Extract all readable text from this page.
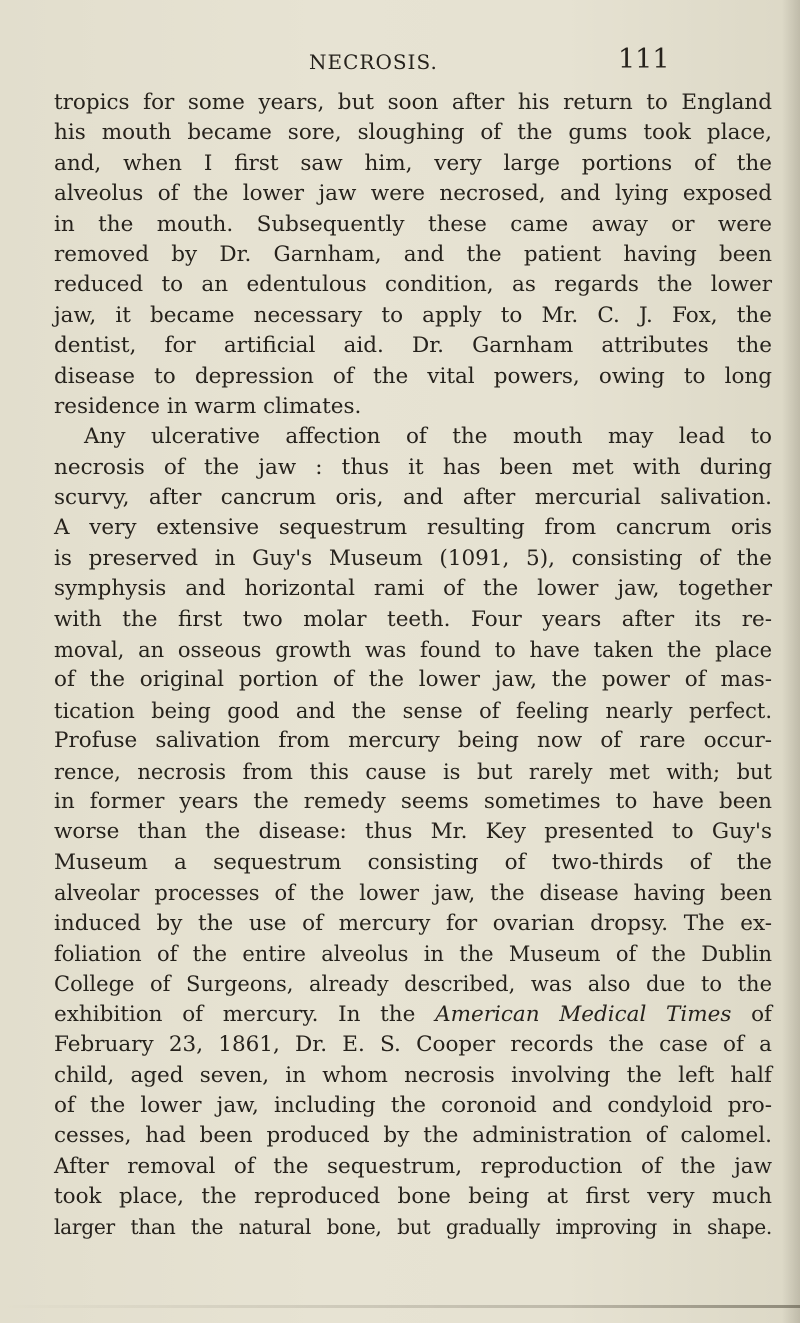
NECROSIS.	111
tropics for some years, but soon after his return to England
his mouth became sore, sloughing of the gums took place,
and, when I first saw him, very large portions of the
alveolus of the lower jaw were necrosed, and lying exposed
in the mouth. Subsequently these came away or were
removed by Dr. Garnham, and the patient having been
reduced to an edentulous condition, as regards the lower
jaw, it became necessary to apply to Mr. C. J. Fox, the
dentist, for artificial aid. Dr. Garnham attributes the
disease to depression of the vital powers, owing to long
residence in warm climates.
Any ulcerative affection of the mouth may lead to
necrosis of the jaw : thus it has been met with during
scurvy, after cancrum oris, and after mercurial salivation.
A very extensive sequestrum resulting from cancrum oris
is preserved in Guy's Museum (1091, 5), consisting of the
symphysis and horizontal rami of the lower jaw, together
with the first two molar teeth. Four years after its re-
moval, an osseous growth was found to have taken the place
of the original portion of the lower jaw, the power of mas-
tication being good and the sense of feeling nearly perfect.
Profuse salivation from mercury being now of rare occur-
rence, necrosis from this cause is but rarely met with; but
in former years the remedy seems sometimes to have been
worse than the disease: thus Mr. Key presented to Guy's
Museum a sequestrum consisting of two-thirds of the
alveolar processes of the lower jaw, the disease having been
induced by the use of mercury for ovarian dropsy. The ex-
foliation of the entire alveolus in the Museum of the Dublin
College of Surgeons, already described, was also due to the
exhibition of mercury. In the American Medical Times of
February 23, 1861, Dr. E. S. Cooper records the case of a
child, aged seven, in whom necrosis involving the left half
of the lower jaw, including the coronoid and condyloid pro-
cesses, had been produced by the administration of calomel.
After removal of the sequestrum, reproduction of the jaw
took place, the reproduced bone being at first very much
larger than the natural bone, but gradually improving in shape.
